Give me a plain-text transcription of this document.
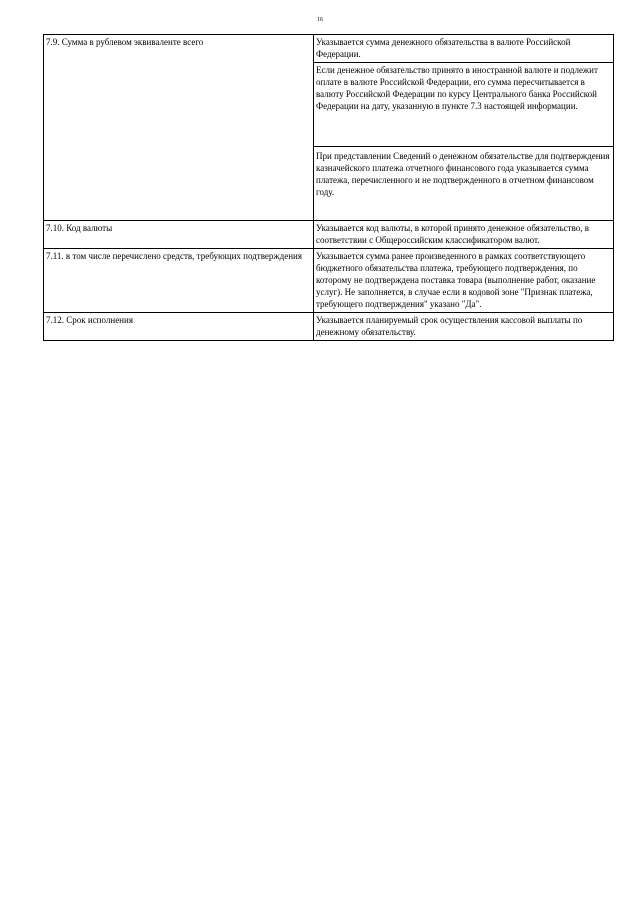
16
7.9. Сумма в рублевом эквиваленте всего	Указывается сумма денежного обязательства в валюте Российской Федерации.
	Если денежное обязательство принято в иностранной валюте и подлежит оплате в валюте Российской Федерации, его сумма пересчитывается в валюту Российской Федерации по курсу Центрального банка Российской Федерации на дату, указанную в пункте 7.3 настоящей информации.
	При представлении Сведений о денежном обязательстве для подтверждения казначейского платежа отчетного финансового года указывается сумма платежа, перечисленного и не подтвержденного в отчетном финансовом году.
7.10. Код валюты	Указывается код валюты, в которой принято денежное обязательство, в соответствии с Общероссийским классификатором валют.
7.11. в том числе перечислено средств, требующих подтверждения	Указывается сумма ранее произведенного в рамках соответствующего бюджетного обязательства платежа, требующего подтверждения, по которому не подтверждена поставка товара (выполнение работ, оказание услуг). Не заполняется, в случае если в кодовой зоне "Признак платежа, требующего подтверждения" указано "Да".
7.12. Срок исполнения	Указывается планируемый срок осуществления кассовой выплаты по денежному обязательству.
